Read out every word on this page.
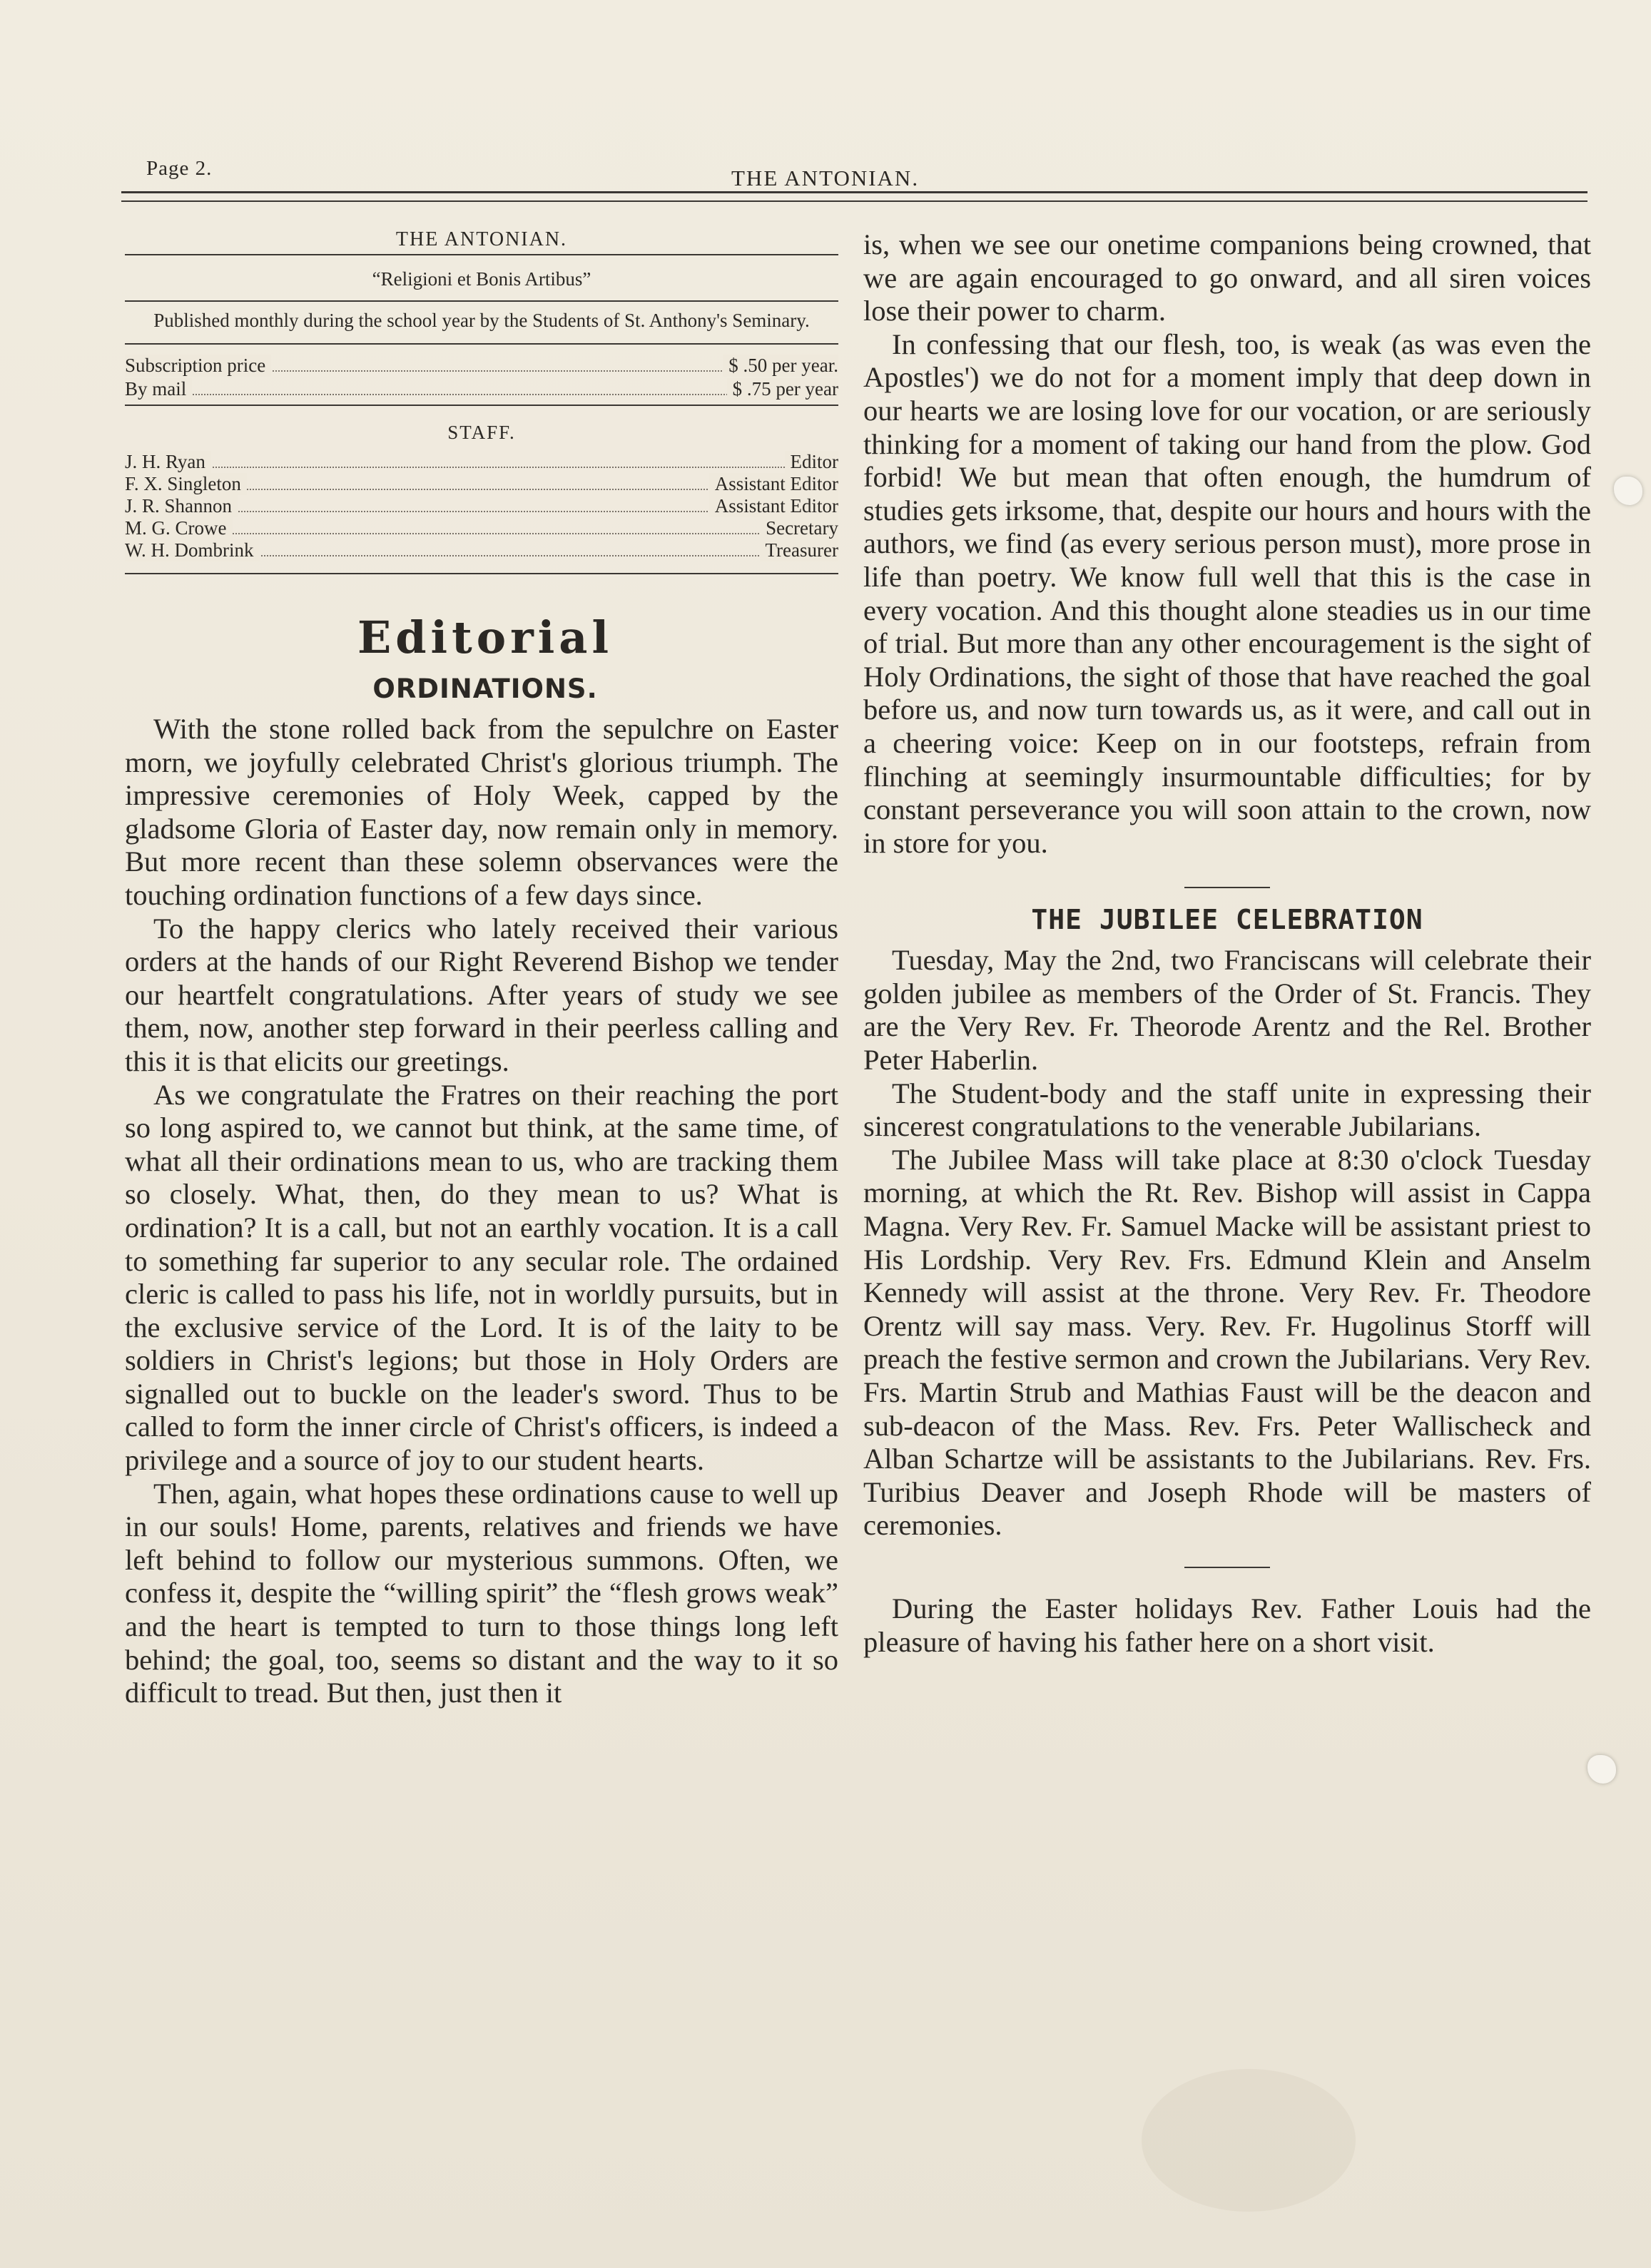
Page 2.	THE ANTONIAN.
THE ANTONIAN.
“Religioni et Bonis Artibus”
Published monthly during the school year by the Students of St. Anthony's Seminary.
Subscription price	$ .50 per year.
By mail	$ .75 per year
STAFF.
J. H. Ryan	Editor
F. X. Singleton	Assistant Editor
J. R. Shannon	Assistant Editor
M. G. Crowe	Secretary
W. H. Dombrink	Treasurer
Editorial
ORDINATIONS.

With the stone rolled back from the sepulchre on Easter morn, we joyfully celebrated Christ's glorious triumph. The impressive ceremonies of Holy Week, capped by the gladsome Gloria of Easter day, now remain only in memory. But more recent than these solemn observances were the touching ordination functions of a few days since.

To the happy clerics who lately received their various orders at the hands of our Right Reverend Bishop we tender our heartfelt congratulations. After years of study we see them, now, another step forward in their peerless calling and this it is that elicits our greetings.

As we congratulate the Fratres on their reaching the port so long aspired to, we cannot but think, at the same time, of what all their ordinations mean to us, who are tracking them so closely. What, then, do they mean to us? What is ordination? It is a call, but not an earthly vocation. It is a call to something far superior to any secular role. The ordained cleric is called to pass his life, not in worldly pursuits, but in the exclusive service of the Lord. It is of the laity to be soldiers in Christ's legions; but those in Holy Orders are signalled out to buckle on the leader's sword. Thus to be called to form the inner circle of Christ's officers, is indeed a privilege and a source of joy to our student hearts.

Then, again, what hopes these ordinations cause to well up in our souls! Home, parents, relatives and friends we have left behind to follow our mysterious summons. Often, we confess it, despite the “willing spirit” the “flesh grows weak” and the heart is tempted to turn to those things long left behind; the goal, too, seems so distant and the way to it so difficult to tread. But then, just then it

is, when we see our onetime companions being crowned, that we are again encouraged to go onward, and all siren voices lose their power to charm.

In confessing that our flesh, too, is weak (as was even the Apostles') we do not for a moment imply that deep down in our hearts we are losing love for our vocation, or are seriously thinking for a moment of taking our hand from the plow. God forbid! We but mean that often enough, the humdrum of studies gets irksome, that, despite our hours and hours with the authors, we find (as every serious person must), more prose in life than poetry. We know full well that this is the case in every vocation. And this thought alone steadies us in our time of trial. But more than any other encouragement is the sight of Holy Ordinations, the sight of those that have reached the goal before us, and now turn towards us, as it were, and call out in a cheering voice: Keep on in our footsteps, refrain from flinching at seemingly insurmountable difficulties; for by constant perseverance you will soon attain to the crown, now in store for you.

THE JUBILEE CELEBRATION

Tuesday, May the 2nd, two Franciscans will celebrate their golden jubilee as members of the Order of St. Francis. They are the Very Rev. Fr. Theorode Arentz and the Rel. Brother Peter Haberlin.

The Student-body and the staff unite in expressing their sincerest congratulations to the venerable Jubilarians.

The Jubilee Mass will take place at 8:30 o'clock Tuesday morning, at which the Rt. Rev. Bishop will assist in Cappa Magna. Very Rev. Fr. Samuel Macke will be assistant priest to His Lordship. Very Rev. Frs. Edmund Klein and Anselm Kennedy will assist at the throne. Very Rev. Fr. Theodore Orentz will say mass. Very. Rev. Fr. Hugolinus Storff will preach the festive sermon and crown the Jubilarians. Very Rev. Frs. Martin Strub and Mathias Faust will be the deacon and sub-deacon of the Mass. Rev. Frs. Peter Wallischeck and Alban Schartze will be assistants to the Jubilarians. Rev. Frs. Turibius Deaver and Joseph Rhode will be masters of ceremonies.

During the Easter holidays Rev. Father Louis had the pleasure of having his father here on a short visit.
